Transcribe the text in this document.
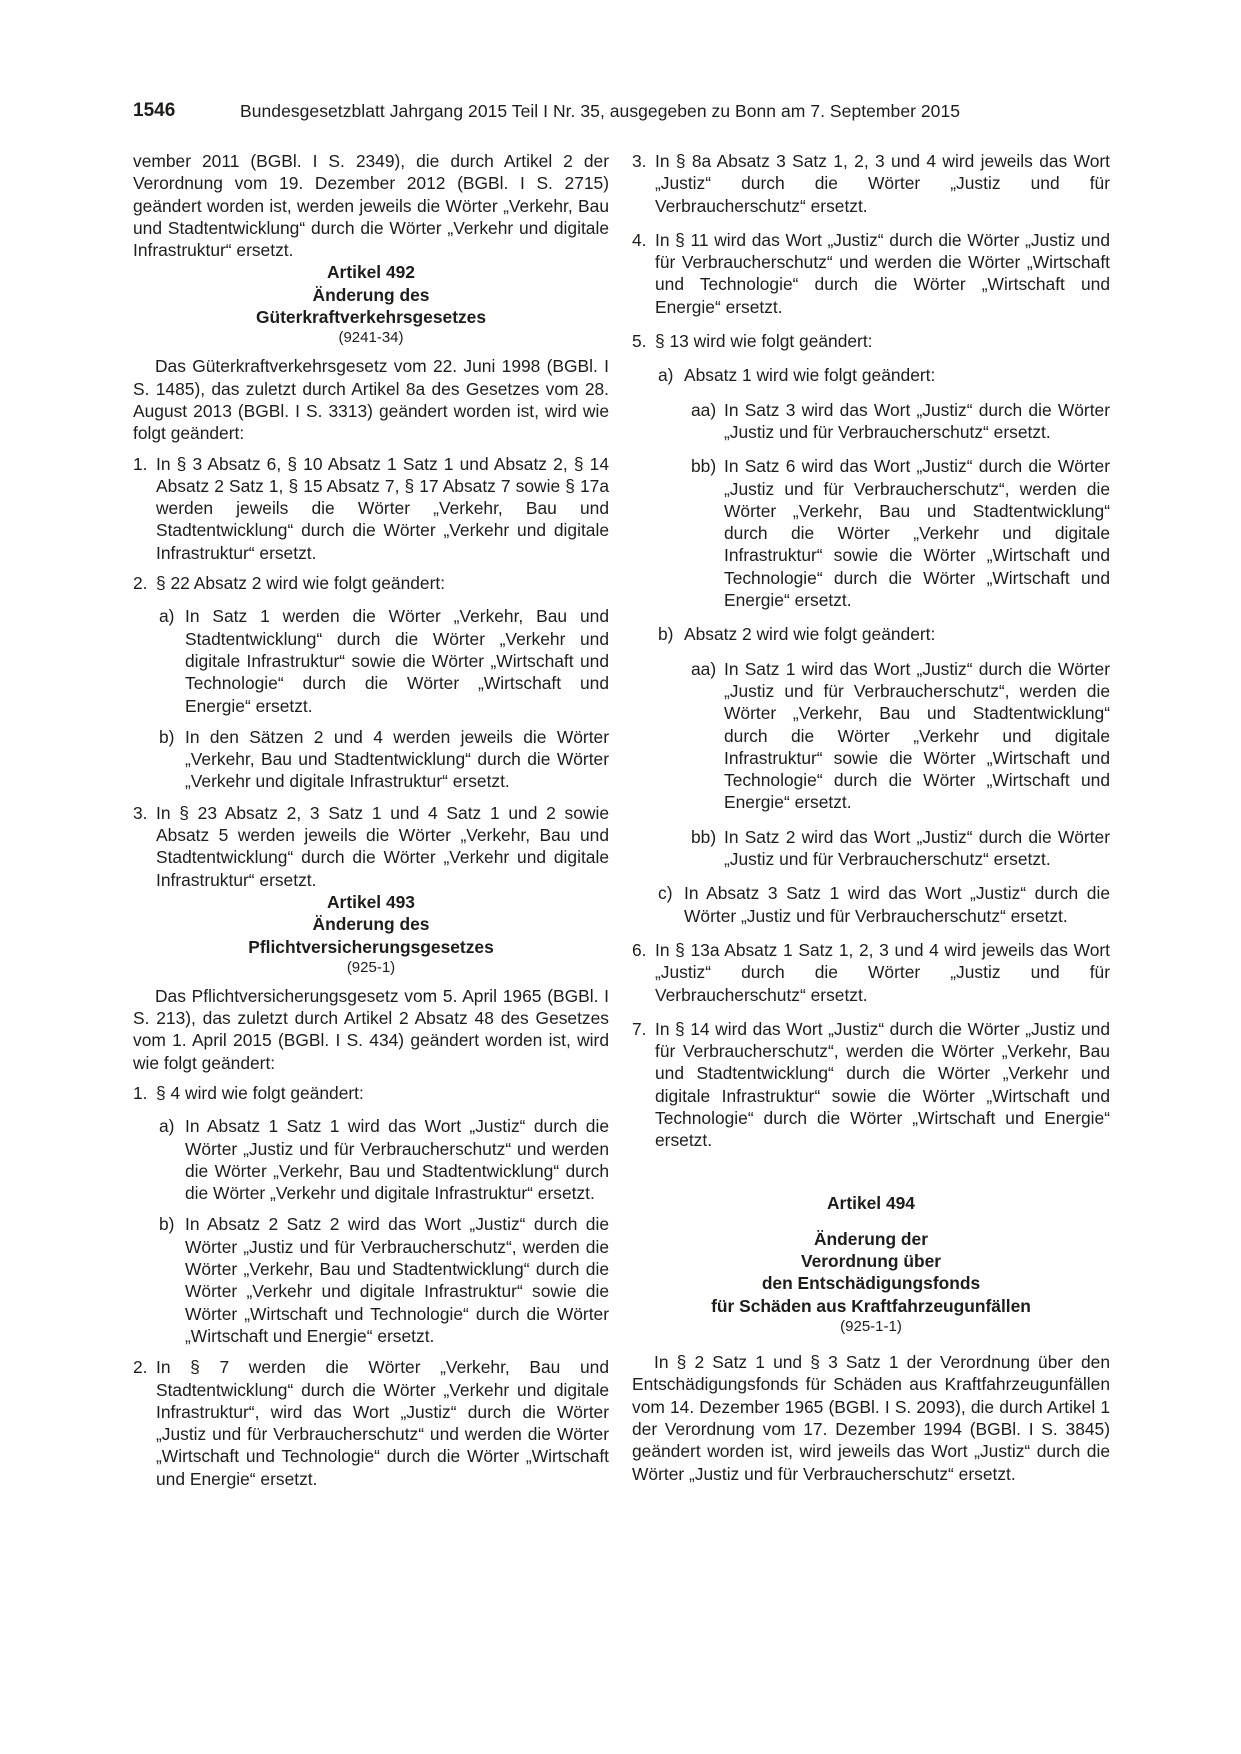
1546	Bundesgesetzblatt Jahrgang 2015 Teil I Nr. 35, ausgegeben zu Bonn am 7. September 2015

vember 2011 (BGBl. I S. 2349), die durch Artikel 2 der Verordnung vom 19. Dezember 2012 (BGBl. I S. 2715) geändert worden ist, werden jeweils die Wörter „Verkehr, Bau und Stadtentwicklung“ durch die Wörter „Verkehr und digitale Infrastruktur“ ersetzt.

Artikel 492

Änderung des
Güterkraftverkehrsgesetzes

(9241-34)

Das Güterkraftverkehrsgesetz vom 22. Juni 1998 (BGBl. I S. 1485), das zuletzt durch Artikel 8a des Gesetzes vom 28. August 2013 (BGBl. I S. 3313) geändert worden ist, wird wie folgt geändert:

1. In § 3 Absatz 6, § 10 Absatz 1 Satz 1 und Absatz 2, § 14 Absatz 2 Satz 1, § 15 Absatz 7, § 17 Absatz 7 sowie § 17a werden jeweils die Wörter „Verkehr, Bau und Stadtentwicklung“ durch die Wörter „Verkehr und digitale Infrastruktur“ ersetzt.
2. § 22 Absatz 2 wird wie folgt geändert:
a) In Satz 1 werden die Wörter „Verkehr, Bau und Stadtentwicklung“ durch die Wörter „Verkehr und digitale Infrastruktur“ sowie die Wörter „Wirtschaft und Technologie“ durch die Wörter „Wirtschaft und Energie“ ersetzt.
b) In den Sätzen 2 und 4 werden jeweils die Wörter „Verkehr, Bau und Stadtentwicklung“ durch die Wörter „Verkehr und digitale Infrastruktur“ ersetzt.
3. In § 23 Absatz 2, 3 Satz 1 und 4 Satz 1 und 2 sowie Absatz 5 werden jeweils die Wörter „Verkehr, Bau und Stadtentwicklung“ durch die Wörter „Verkehr und digitale Infrastruktur“ ersetzt.

Artikel 493

Änderung des
Pflichtversicherungsgesetzes

(925-1)

Das Pflichtversicherungsgesetz vom 5. April 1965 (BGBl. I S. 213), das zuletzt durch Artikel 2 Absatz 48 des Gesetzes vom 1. April 2015 (BGBl. I S. 434) geändert worden ist, wird wie folgt geändert:

1. § 4 wird wie folgt geändert:
a) In Absatz 1 Satz 1 wird das Wort „Justiz“ durch die Wörter „Justiz und für Verbraucherschutz“ und werden die Wörter „Verkehr, Bau und Stadtentwicklung“ durch die Wörter „Verkehr und digitale Infrastruktur“ ersetzt.
b) In Absatz 2 Satz 2 wird das Wort „Justiz“ durch die Wörter „Justiz und für Verbraucherschutz“, werden die Wörter „Verkehr, Bau und Stadtentwicklung“ durch die Wörter „Verkehr und digitale Infrastruktur“ sowie die Wörter „Wirtschaft und Technologie“ durch die Wörter „Wirtschaft und Energie“ ersetzt.
2. In § 7 werden die Wörter „Verkehr, Bau und Stadtentwicklung“ durch die Wörter „Verkehr und digitale Infrastruktur“, wird das Wort „Justiz“ durch die Wörter „Justiz und für Verbraucherschutz“ und werden die Wörter „Wirtschaft und Technologie“ durch die Wörter „Wirtschaft und Energie“ ersetzt.
3. In § 8a Absatz 3 Satz 1, 2, 3 und 4 wird jeweils das Wort „Justiz“ durch die Wörter „Justiz und für Verbraucherschutz“ ersetzt.
4. In § 11 wird das Wort „Justiz“ durch die Wörter „Justiz und für Verbraucherschutz“ und werden die Wörter „Wirtschaft und Technologie“ durch die Wörter „Wirtschaft und Energie“ ersetzt.
5. § 13 wird wie folgt geändert:
a) Absatz 1 wird wie folgt geändert:
aa) In Satz 3 wird das Wort „Justiz“ durch die Wörter „Justiz und für Verbraucherschutz“ ersetzt.
bb) In Satz 6 wird das Wort „Justiz“ durch die Wörter „Justiz und für Verbraucherschutz“, werden die Wörter „Verkehr, Bau und Stadtentwicklung“ durch die Wörter „Verkehr und digitale Infrastruktur“ sowie die Wörter „Wirtschaft und Technologie“ durch die Wörter „Wirtschaft und Energie“ ersetzt.
b) Absatz 2 wird wie folgt geändert:
aa) In Satz 1 wird das Wort „Justiz“ durch die Wörter „Justiz und für Verbraucherschutz“, werden die Wörter „Verkehr, Bau und Stadtentwicklung“ durch die Wörter „Verkehr und digitale Infrastruktur“ sowie die Wörter „Wirtschaft und Technologie“ durch die Wörter „Wirtschaft und Energie“ ersetzt.
bb) In Satz 2 wird das Wort „Justiz“ durch die Wörter „Justiz und für Verbraucherschutz“ ersetzt.
c) In Absatz 3 Satz 1 wird das Wort „Justiz“ durch die Wörter „Justiz und für Verbraucherschutz“ ersetzt.
6. In § 13a Absatz 1 Satz 1, 2, 3 und 4 wird jeweils das Wort „Justiz“ durch die Wörter „Justiz und für Verbraucherschutz“ ersetzt.
7. In § 14 wird das Wort „Justiz“ durch die Wörter „Justiz und für Verbraucherschutz“, werden die Wörter „Verkehr, Bau und Stadtentwicklung“ durch die Wörter „Verkehr und digitale Infrastruktur“ sowie die Wörter „Wirtschaft und Technologie“ durch die Wörter „Wirtschaft und Energie“ ersetzt.

Artikel 494

Änderung der
Verordnung über
den Entschädigungsfonds
für Schäden aus Kraftfahrzeugunfällen

(925-1-1)

In § 2 Satz 1 und § 3 Satz 1 der Verordnung über den Entschädigungsfonds für Schäden aus Kraftfahrzeugunfällen vom 14. Dezember 1965 (BGBl. I S. 2093), die durch Artikel 1 der Verordnung vom 17. Dezember 1994 (BGBl. I S. 3845) geändert worden ist, wird jeweils das Wort „Justiz“ durch die Wörter „Justiz und für Verbraucherschutz“ ersetzt.
